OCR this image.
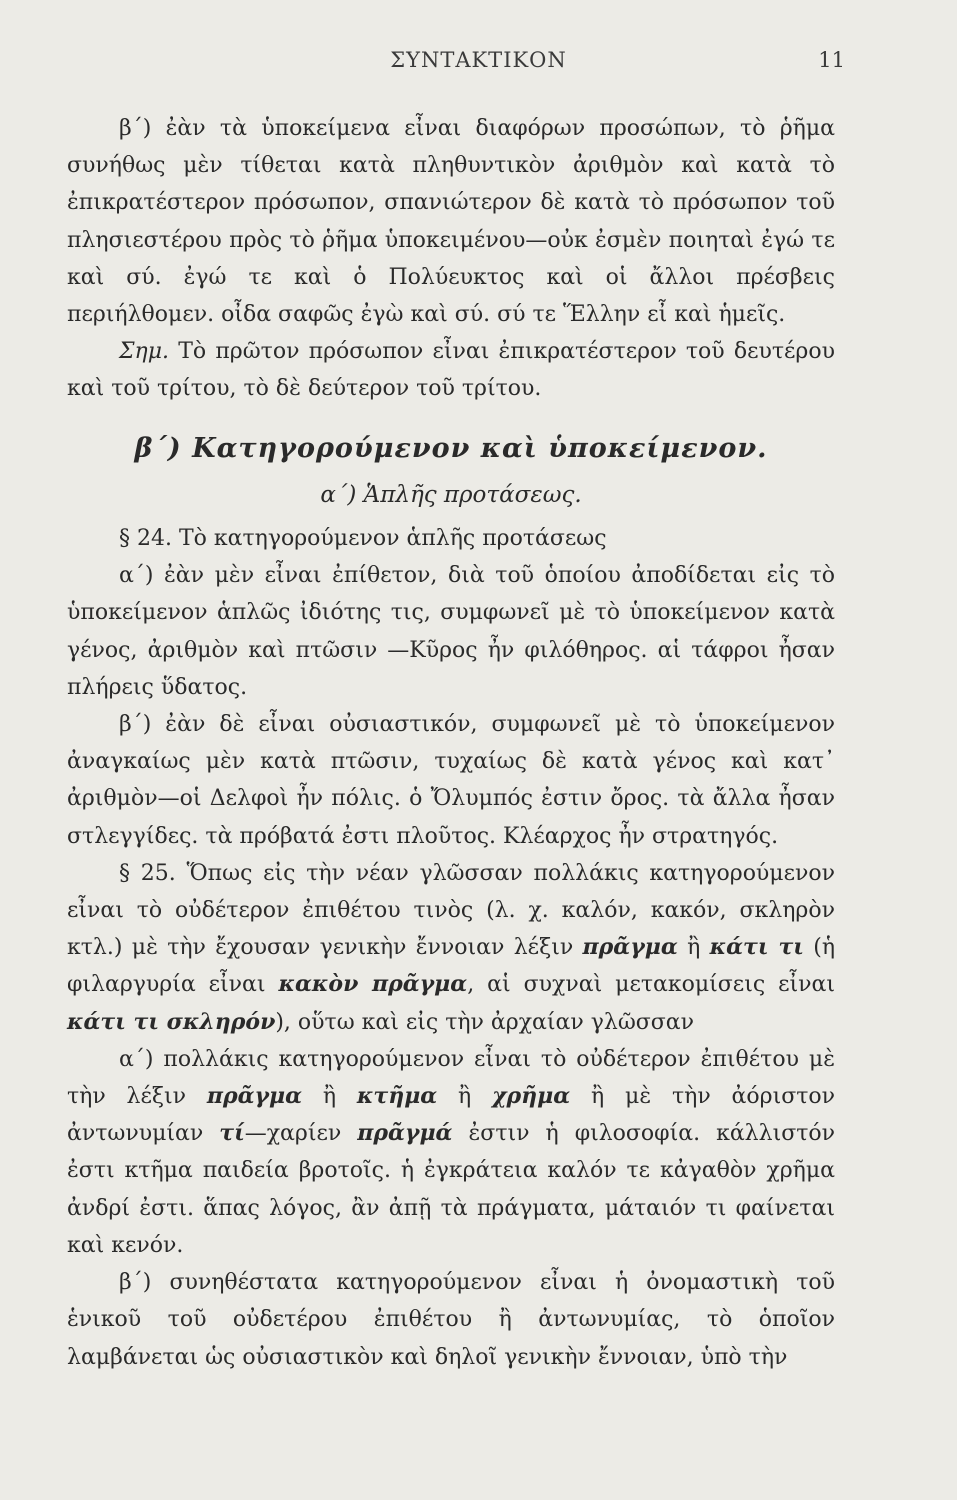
ΣΥΝΤΑΚΤΙΚΟΝ	11

β΄) ἐὰν τὰ ὑποκείμενα εἶναι διαφόρων προσώπων, τὸ ῥῆμα συνήθως μὲν τίθεται κατὰ πληθυντικὸν ἀριθμὸν καὶ κατὰ τὸ ἐπικρατέστερον πρόσωπον, σπανιώτερον δὲ κατὰ τὸ πρόσωπον τοῦ πλησιεστέρου πρὸς τὸ ῥῆμα ὑποκειμένου—οὐκ ἐσμὲν ποιηταὶ ἐγώ τε καὶ σύ. ἐγώ τε καὶ ὁ Πολύευκτος καὶ οἱ ἄλλοι πρέσβεις περιήλθομεν. οἶδα σαφῶς ἐγὼ καὶ σύ. σύ τε Ἕλλην εἶ καὶ ἡμεῖς.

Σημ. Τὸ πρῶτον πρόσωπον εἶναι ἐπικρατέστερον τοῦ δευτέρου καὶ τοῦ τρίτου, τὸ δὲ δεύτερον τοῦ τρίτου.

β΄) Κατηγορούμενον καὶ ὑποκείμενον.

α΄) Ἁπλῆς προτάσεως.

§ 24. Τὸ κατηγορούμενον ἁπλῆς προτάσεως

α΄) ἐὰν μὲν εἶναι ἐπίθετον, διὰ τοῦ ὁποίου ἀποδίδεται εἰς τὸ ὑποκείμενον ἁπλῶς ἰδιότης τις, συμφωνεῖ μὲ τὸ ὑποκείμενον κατὰ γένος, ἀριθμὸν καὶ πτῶσιν —Κῦρος ἦν φιλόθηρος. αἱ τάφροι ἦσαν πλήρεις ὕδατος.

β΄) ἐὰν δὲ εἶναι οὐσιαστικόν, συμφωνεῖ μὲ τὸ ὑποκείμενον ἀναγκαίως μὲν κατὰ πτῶσιν, τυχαίως δὲ κατὰ γένος καὶ κατ᾽ ἀριθμὸν—οἱ Δελφοὶ ἦν πόλις. ὁ Ὄλυμπός ἐστιν ὄρος. τὰ ἄλλα ἦσαν στλεγγίδες. τὰ πρόβατά ἐστι πλοῦτος. Κλέαρχος ἦν στρατηγός.

§ 25. Ὅπως εἰς τὴν νέαν γλῶσσαν πολλάκις κατηγορούμενον εἶναι τὸ οὐδέτερον ἐπιθέτου τινὸς (λ. χ. καλόν, κακόν, σκληρὸν κτλ.) μὲ τὴν ἔχουσαν γενικὴν ἔννοιαν λέξιν πρᾶγμα ἢ κάτι τι (ἡ φιλαργυρία εἶναι κακὸν πρᾶγμα, αἱ συχναὶ μετακομίσεις εἶναι κάτι τι σκληρόν), οὕτω καὶ εἰς τὴν ἀρχαίαν γλῶσσαν

α΄) πολλάκις κατηγορούμενον εἶναι τὸ οὐδέτερον ἐπιθέτου μὲ τὴν λέξιν πρᾶγμα ἢ κτῆμα ἢ χρῆμα ἢ μὲ τὴν ἀόριστον ἀντωνυμίαν τί—χαρίεν πρᾶγμά ἐστιν ἡ φιλοσοφία. κάλλιστόν ἐστι κτῆμα παιδεία βροτοῖς. ἡ ἐγκράτεια καλόν τε κἀγαθὸν χρῆμα ἀνδρί ἐστι. ἅπας λόγος, ἂν ἀπῇ τὰ πράγματα, μάταιόν τι φαίνεται καὶ κενόν.

β΄) συνηθέστατα κατηγορούμενον εἶναι ἡ ὀνομαστικὴ τοῦ ἑνικοῦ τοῦ οὐδετέρου ἐπιθέτου ἢ ἀντωνυμίας, τὸ ὁποῖον λαμβάνεται ὡς οὐσιαστικὸν καὶ δηλοῖ γενικὴν ἔννοιαν, ὑπὸ τὴν
